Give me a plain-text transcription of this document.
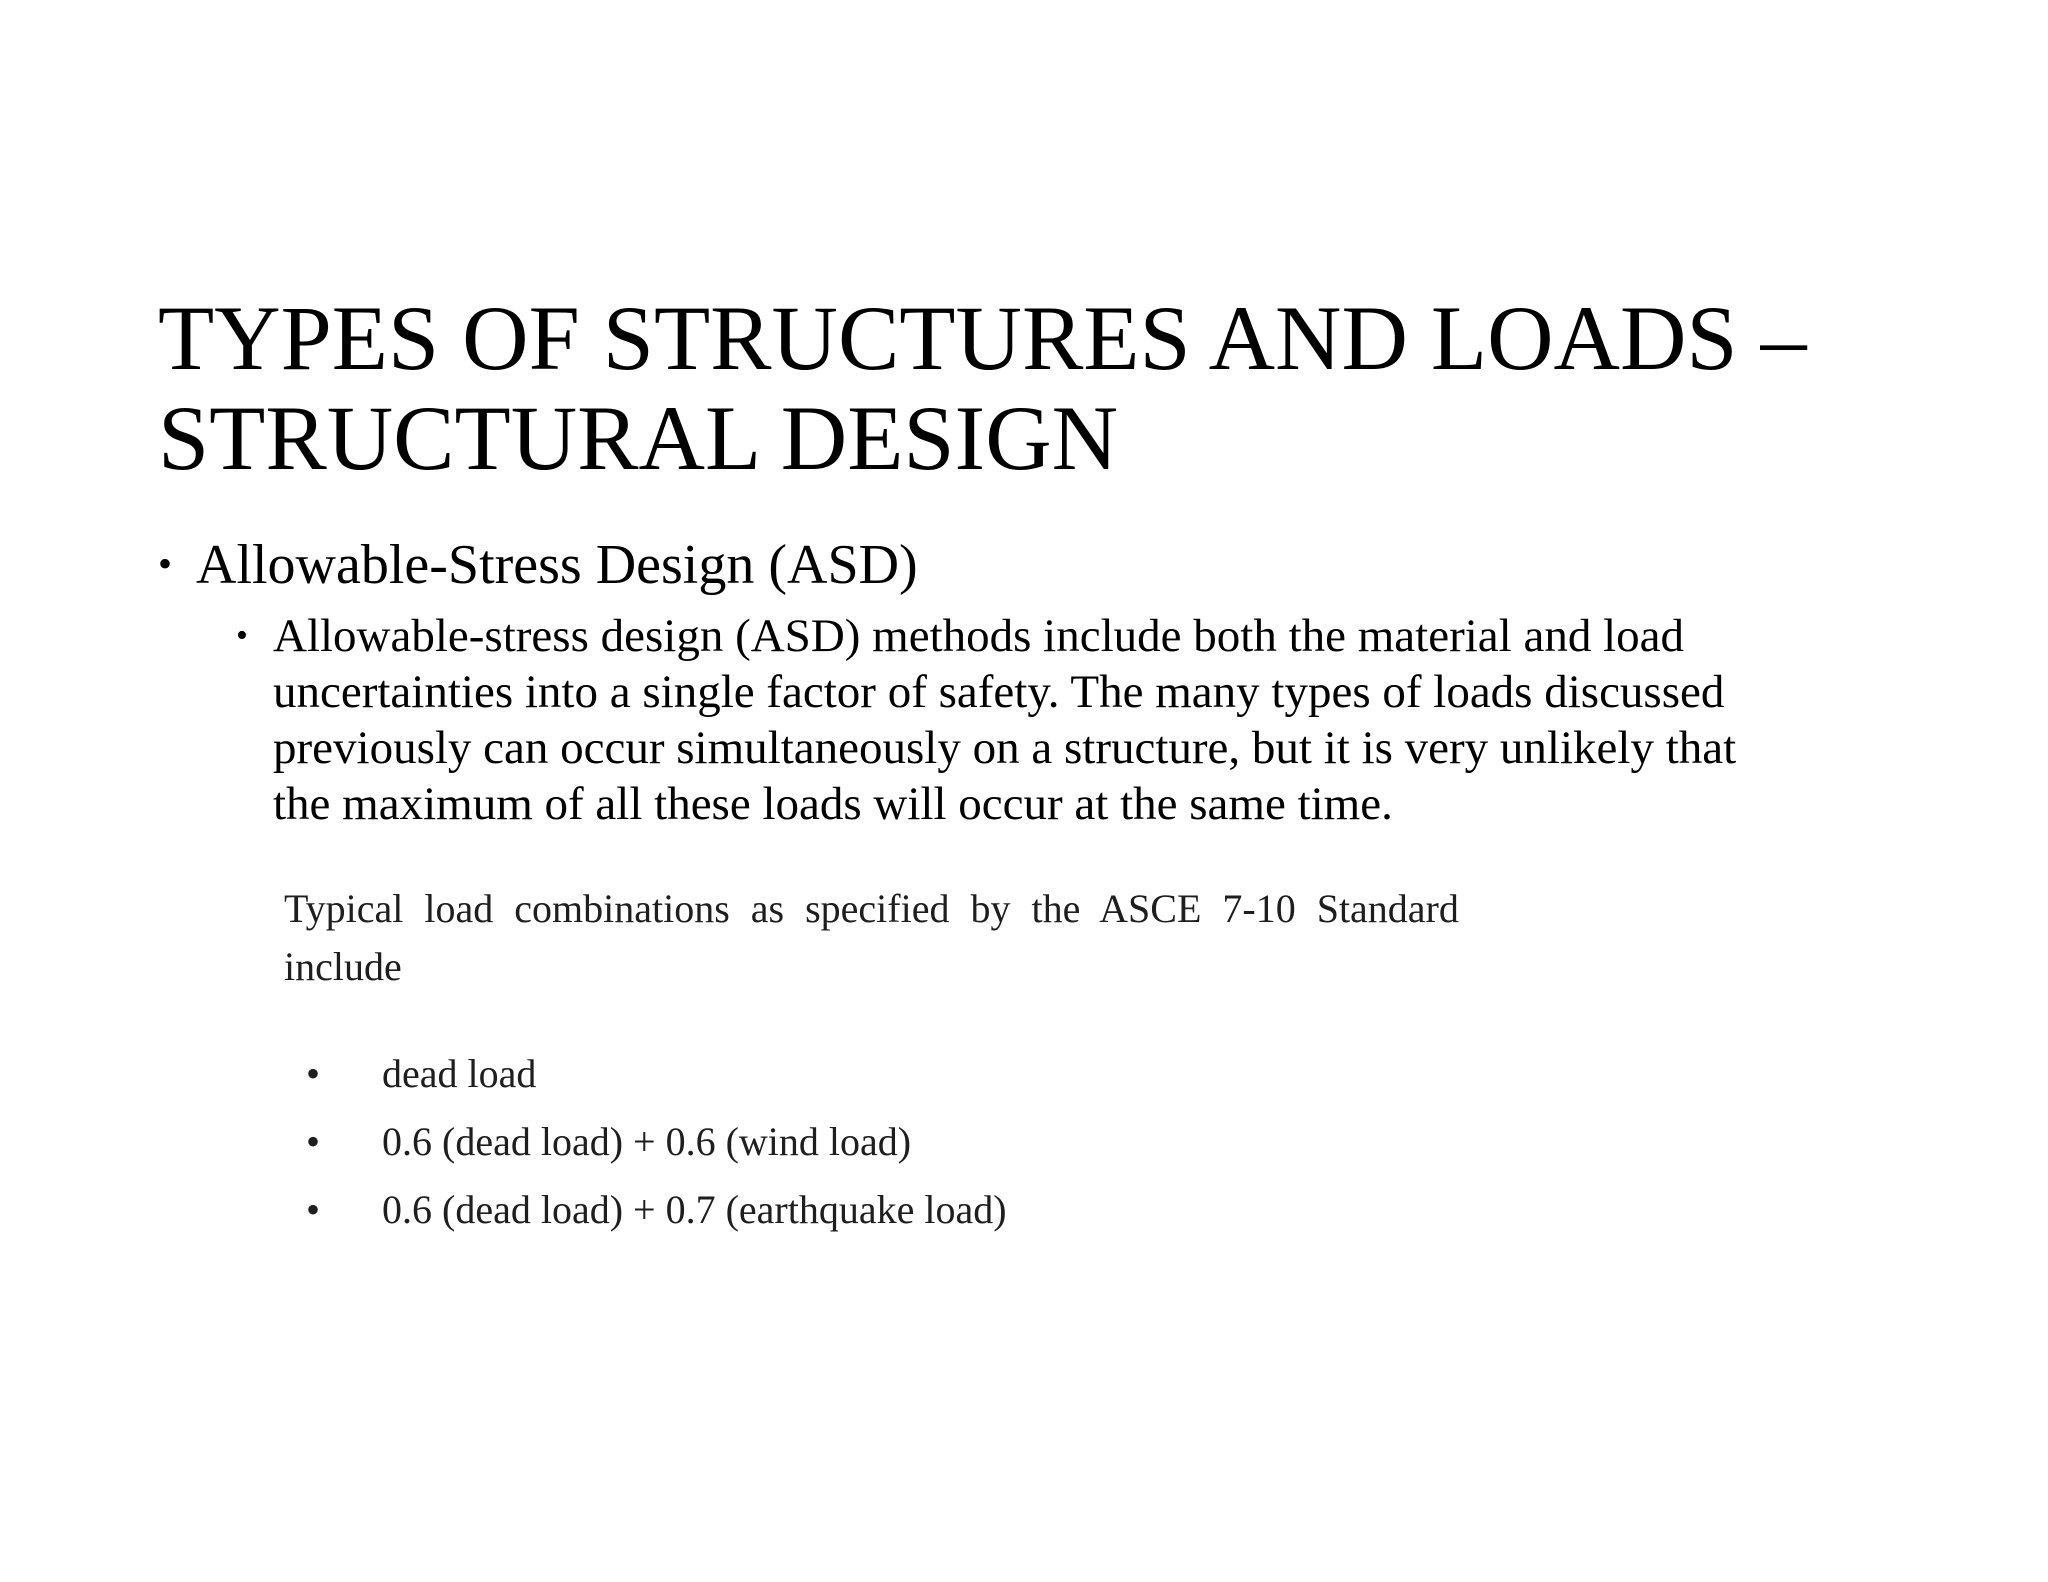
TYPES OF STRUCTURES AND LOADS –
STRUCTURAL DESIGN
• Allowable-Stress Design (ASD)
• Allowable-stress design (ASD) methods include both the material and load
uncertainties into a single factor of safety. The many types of loads discussed
previously can occur simultaneously on a structure, but it is very unlikely that
the maximum of all these loads will occur at the same time.
Typical load combinations as specified by the ASCE 7-10 Standard
include
• dead load
• 0.6 (dead load) + 0.6 (wind load)
• 0.6 (dead load) + 0.7 (earthquake load)
